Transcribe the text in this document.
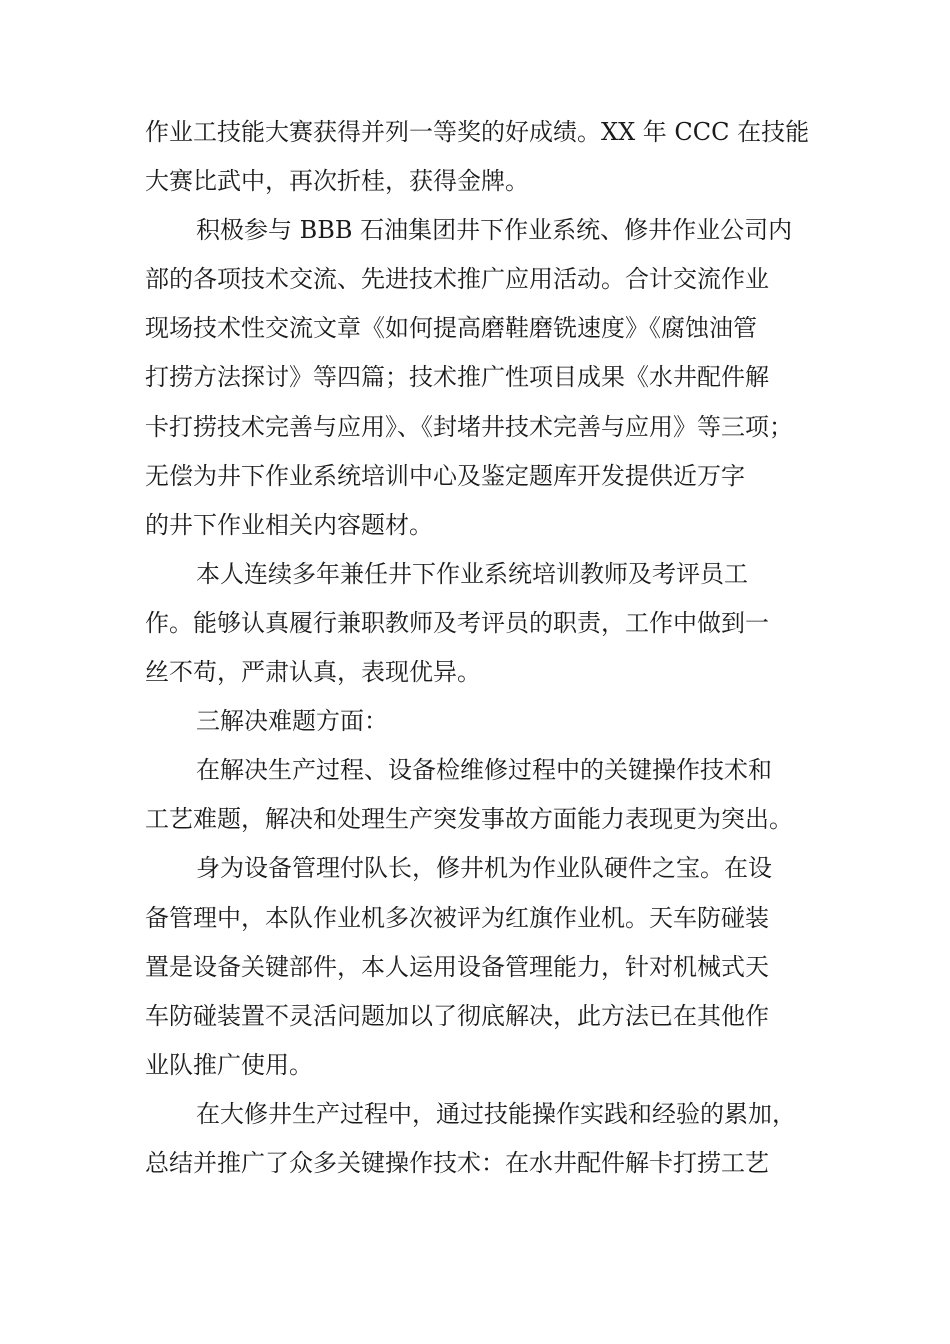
作业工技能大赛获得并列一等奖的好成绩。XX 年 CCC 在技能
大赛比武中，再次折桂，获得金牌。
积极参与 BBB 石油集团井下作业系统、修井作业公司内
部的各项技术交流、先进技术推广应用活动。合计交流作业
现场技术性交流文章《如何提高磨鞋磨铣速度》《腐蚀油管
打捞方法探讨》等四篇；技术推广性项目成果《水井配件解
卡打捞技术完善与应用》、《封堵井技术完善与应用》等三项；
无偿为井下作业系统培训中心及鉴定题库开发提供近万字
的井下作业相关内容题材。
本人连续多年兼任井下作业系统培训教师及考评员工
作。能够认真履行兼职教师及考评员的职责，工作中做到一
丝不苟，严肃认真，表现优异。
三解决难题方面：
在解决生产过程、设备检维修过程中的关键操作技术和
工艺难题，解决和处理生产突发事故方面能力表现更为突出。
身为设备管理付队长，修井机为作业队硬件之宝。在设
备管理中，本队作业机多次被评为红旗作业机。天车防碰装
置是设备关键部件，本人运用设备管理能力，针对机械式天
车防碰装置不灵活问题加以了彻底解决，此方法已在其他作
业队推广使用。
在大修井生产过程中，通过技能操作实践和经验的累加，
总结并推广了众多关键操作技术：在水井配件解卡打捞工艺
